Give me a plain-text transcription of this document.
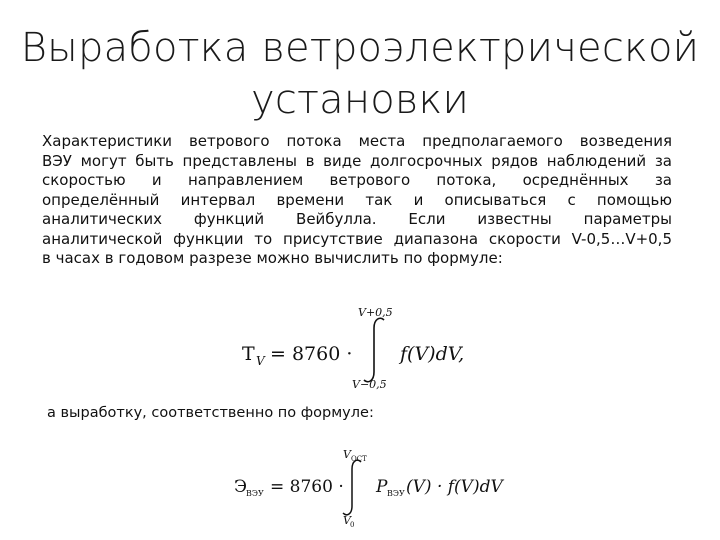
Выработка ветроэлектрической
установки
Характеристики ветрового потока места предполагаемого возведения
ВЭУ могут быть представлены в виде долгосрочных рядов наблюдений за
скоростью и направлением ветрового потока, осреднённых за
определённый интервал времени так и описываться с помощью
аналитических функций Вейбулла. Если известны параметры
аналитической функции то присутствие диапазона скорости V-0,5…V+0,5
в часах в годовом разрезе можно вычислить по формуле:
T V = 8760 ·
V+0,5
V−0,5
f(V)dV,
а выработку, соответственно по формуле:
Э
ВЭУ = 8760 ·
V ОСТ
V 0
P ВЭУ (V) · f(V)dV
